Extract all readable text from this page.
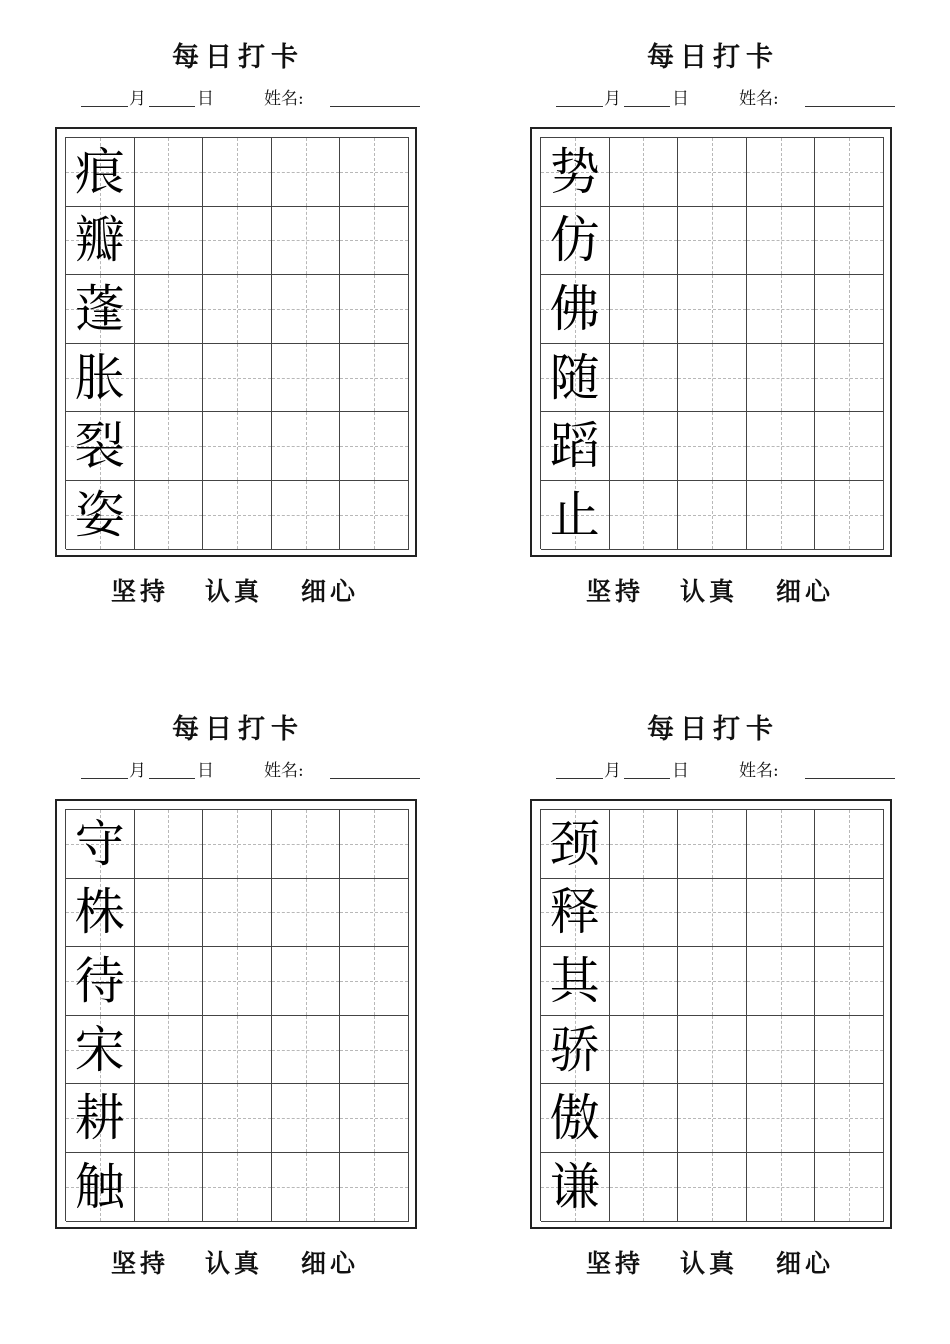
每日打卡
月	日	姓名:
痕
瓣
蓬
胀
裂
姿
坚持 认真 细心
每日打卡
月	日	姓名:
势
仿
佛
随
蹈
止
坚持 认真 细心
每日打卡
月	日	姓名:
守
株
待
宋
耕
触
坚持 认真 细心
每日打卡
月	日	姓名:
颈
释
其
骄
傲
谦
坚持 认真 细心
